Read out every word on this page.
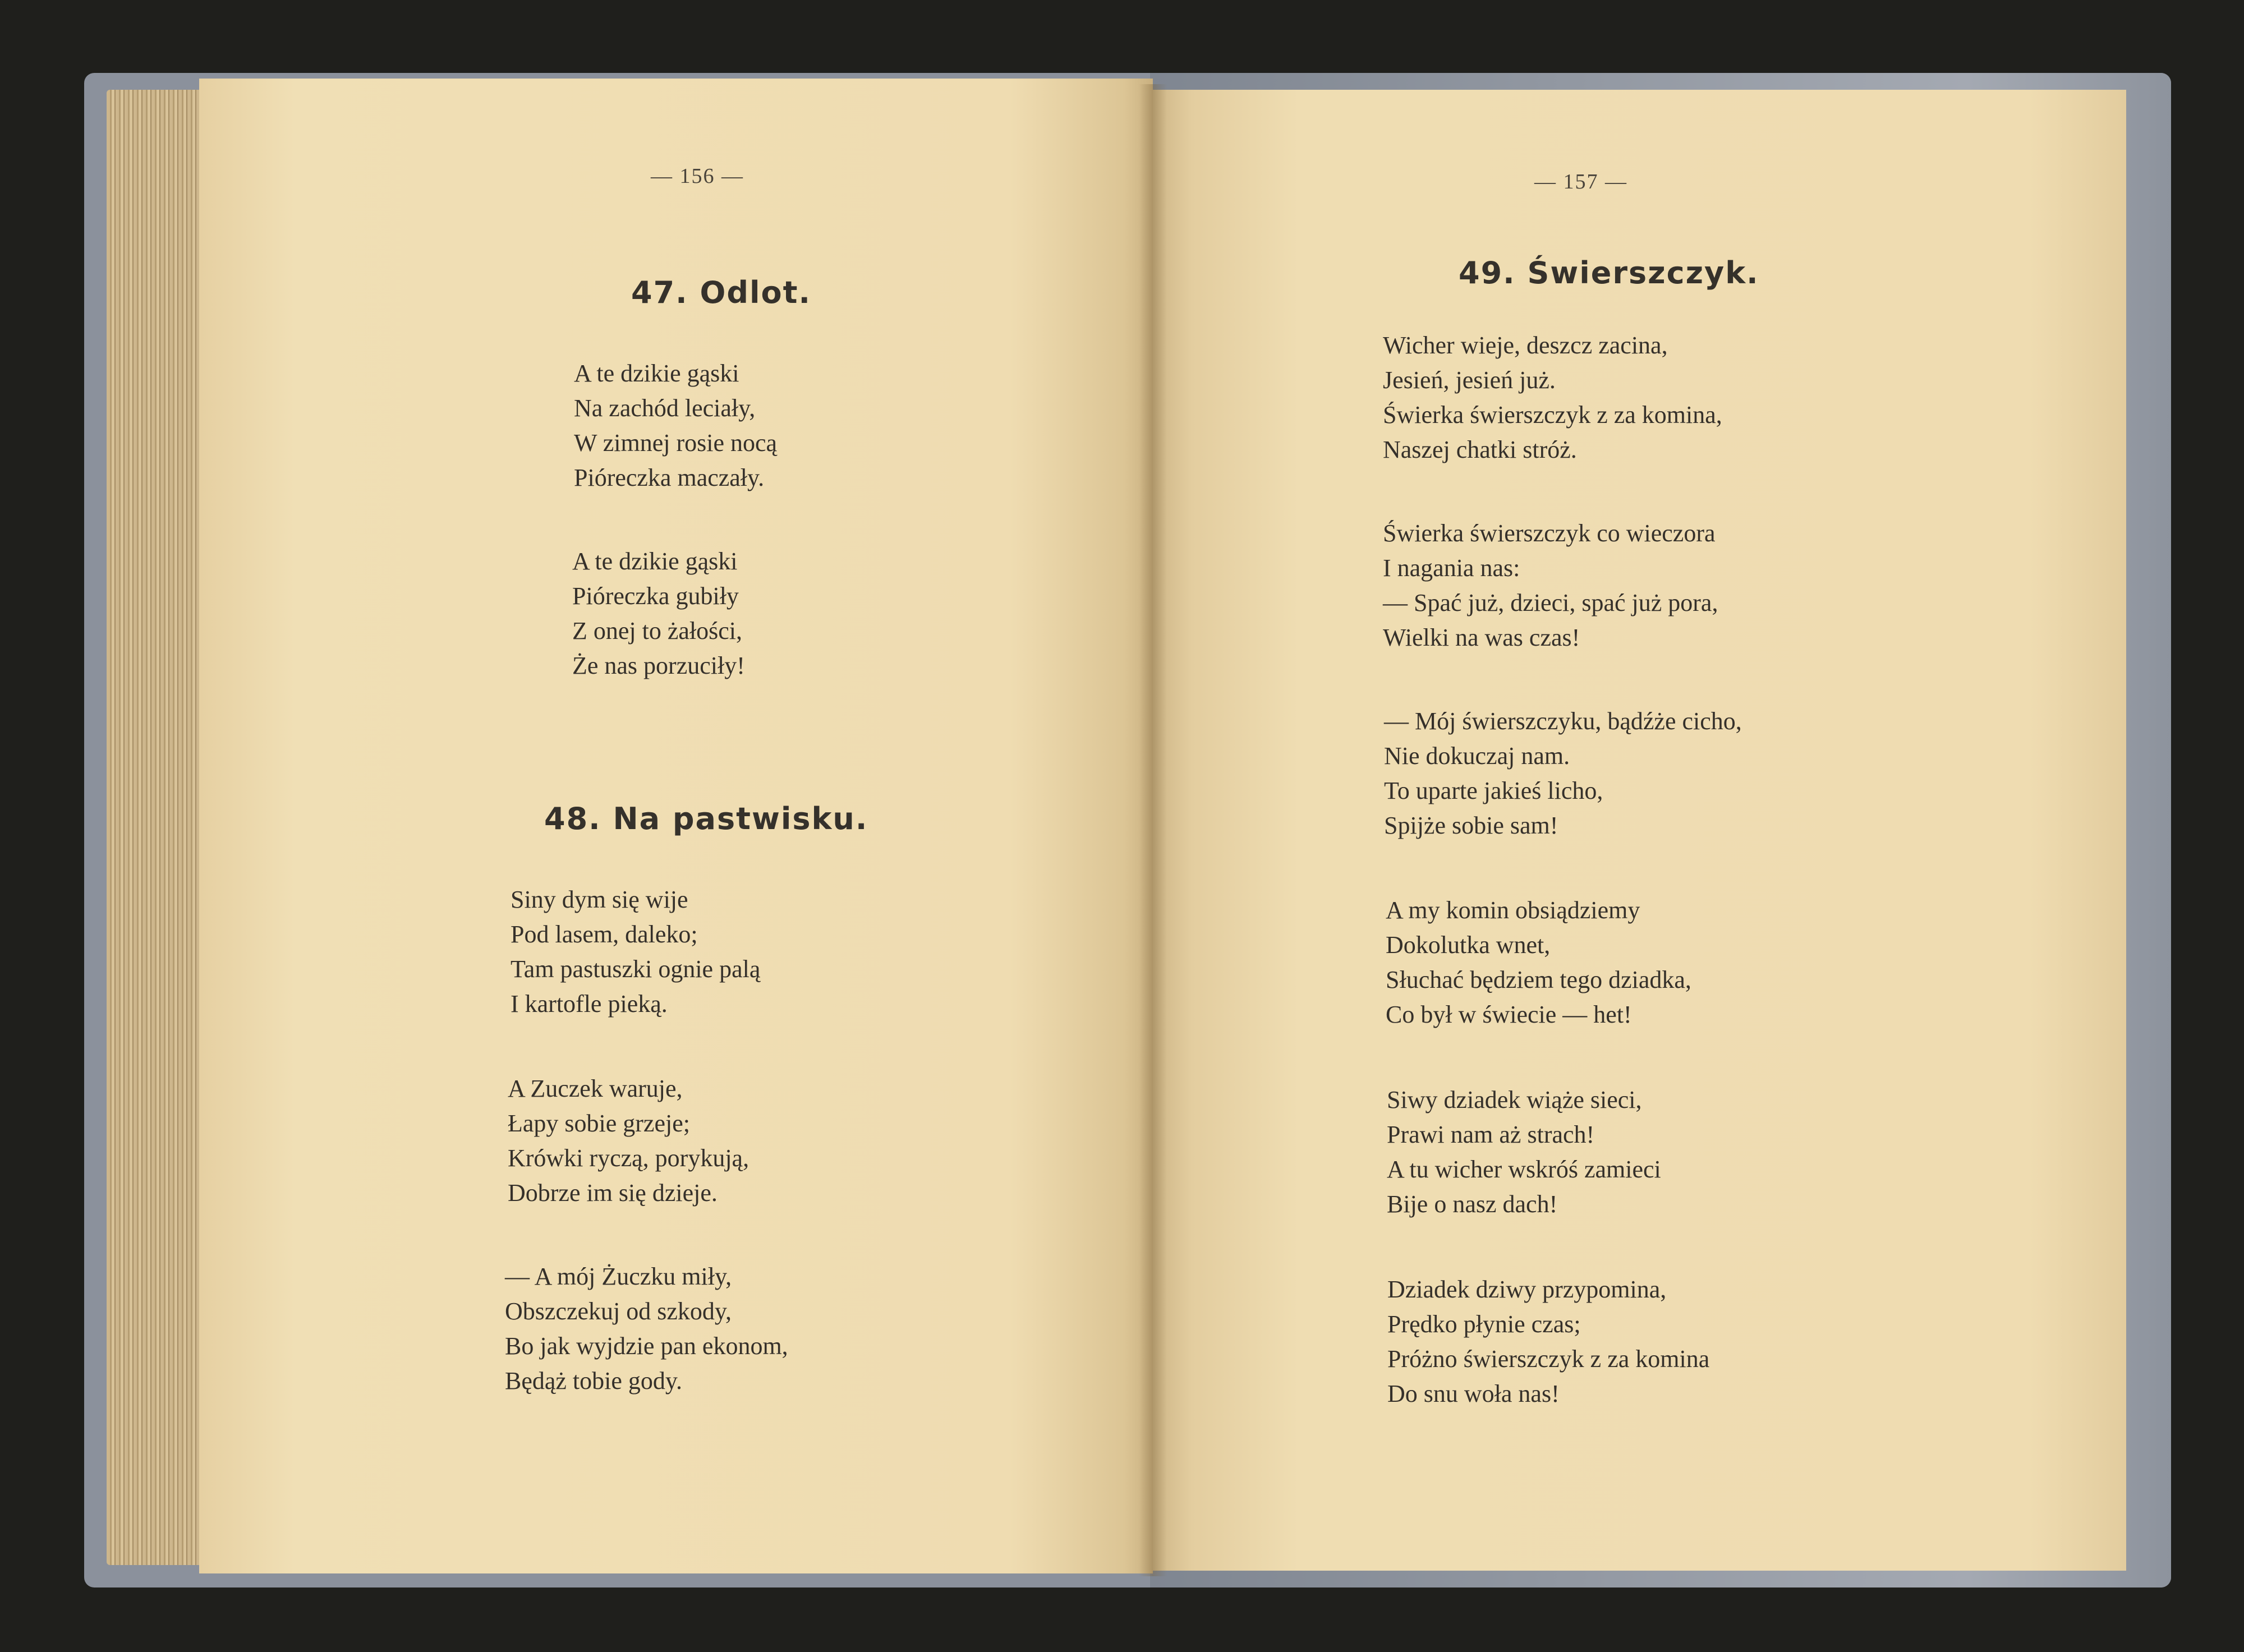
— 156 —
47. Odlot.
A te dzikie gąski
Na zachód leciały,
W zimnej rosie nocą
Pióreczka maczały.
A te dzikie gąski
Pióreczka gubiły
Z onej to żałości,
Że nas porzuciły!
48. Na pastwisku.
Siny dym się wije
Pod lasem, daleko;
Tam pastuszki ognie palą
I kartofle pieką.
A Zuczek waruje,
Łapy sobie grzeje;
Krówki ryczą, porykują,
Dobrze im się dzieje.
— A mój Żuczku miły,
Obszczekuj od szkody,
Bo jak wyjdzie pan ekonom,
Będąż tobie gody.
— 157 —
49. Świerszczyk.
Wicher wieje, deszcz zacina,
Jesień, jesień już.
Świerka świerszczyk z za komina,
Naszej chatki stróż.
Świerka świerszczyk co wieczora
I nagania nas:
— Spać już, dzieci, spać już pora,
Wielki na was czas!
— Mój świerszczyku, bądźże cicho,
Nie dokuczaj nam.
To uparte jakieś licho,
Spijże sobie sam!
A my komin obsiądziemy
Dokolutka wnet,
Słuchać będziem tego dziadka,
Co był w świecie — het!
Siwy dziadek wiąże sieci,
Prawi nam aż strach!
A tu wicher wskróś zamieci
Bije o nasz dach!
Dziadek dziwy przypomina,
Prędko płynie czas;
Próżno świerszczyk z za komina
Do snu woła nas!
